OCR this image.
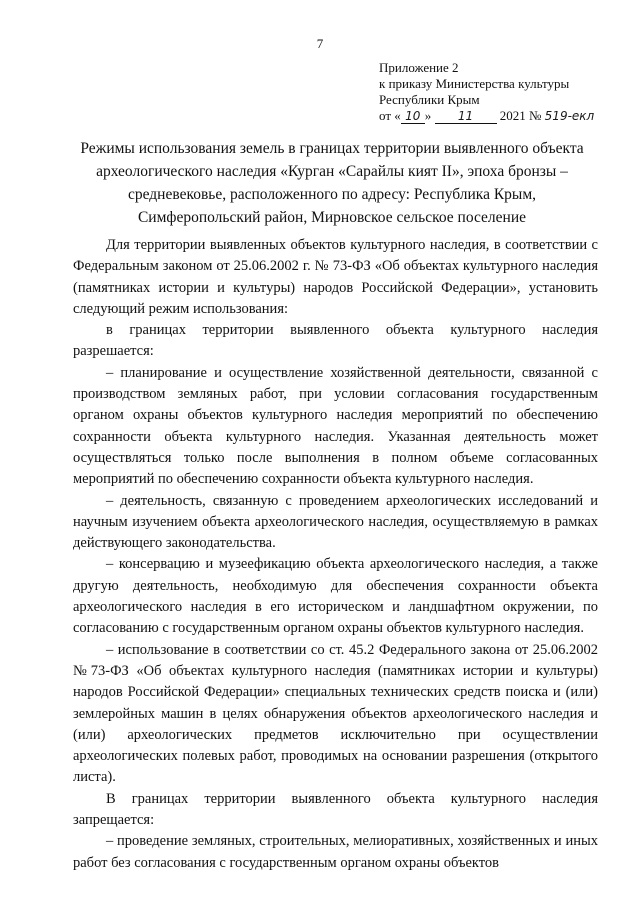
7
Приложение 2
к приказу Министерства культуры
Республики Крым
от « 10 » 11 2021 № 519-екл
Режимы использования земель в границах территории выявленного объекта археологического наследия «Курган «Сарайлы кият II», эпоха бронзы – средневековье, расположенного по адресу: Республика Крым, Симферопольский район, Мирновское сельское поселение

Для территории выявленных объектов культурного наследия, в соответствии с Федеральным законом от 25.06.2002 г. № 73-ФЗ «Об объектах культурного наследия (памятниках истории и культуры) народов Российской Федерации», установить следующий режим использования:

в границах территории выявленного объекта культурного наследия разрешается:

– планирование и осуществление хозяйственной деятельности, связанной с производством земляных работ, при условии согласования государственным органом охраны объектов культурного наследия мероприятий по обеспечению сохранности объекта культурного наследия. Указанная деятельность может осуществляться только после выполнения в полном объеме согласованных мероприятий по обеспечению сохранности объекта культурного наследия.

– деятельность, связанную с проведением археологических исследований и научным изучением объекта археологического наследия, осуществляемую в рамках действующего законодательства.

– консервацию и музеефикацию объекта археологического наследия, а также другую деятельность, необходимую для обеспечения сохранности объекта археологического наследия в его историческом и ландшафтном окружении, по согласованию с государственным органом охраны объектов культурного наследия.

– использование в соответствии со ст. 45.2 Федерального закона от 25.06.2002 №73-ФЗ «Об объектах культурного наследия (памятниках истории и культуры) народов Российской Федерации» специальных технических средств поиска и (или) землеройных машин в целях обнаружения объектов археологического наследия и (или) археологических предметов исключительно при осуществлении археологических полевых работ, проводимых на основании разрешения (открытого листа).

В границах территории выявленного объекта культурного наследия запрещается:

– проведение земляных, строительных, мелиоративных, хозяйственных и иных работ без согласования с государственным органом охраны объектов
